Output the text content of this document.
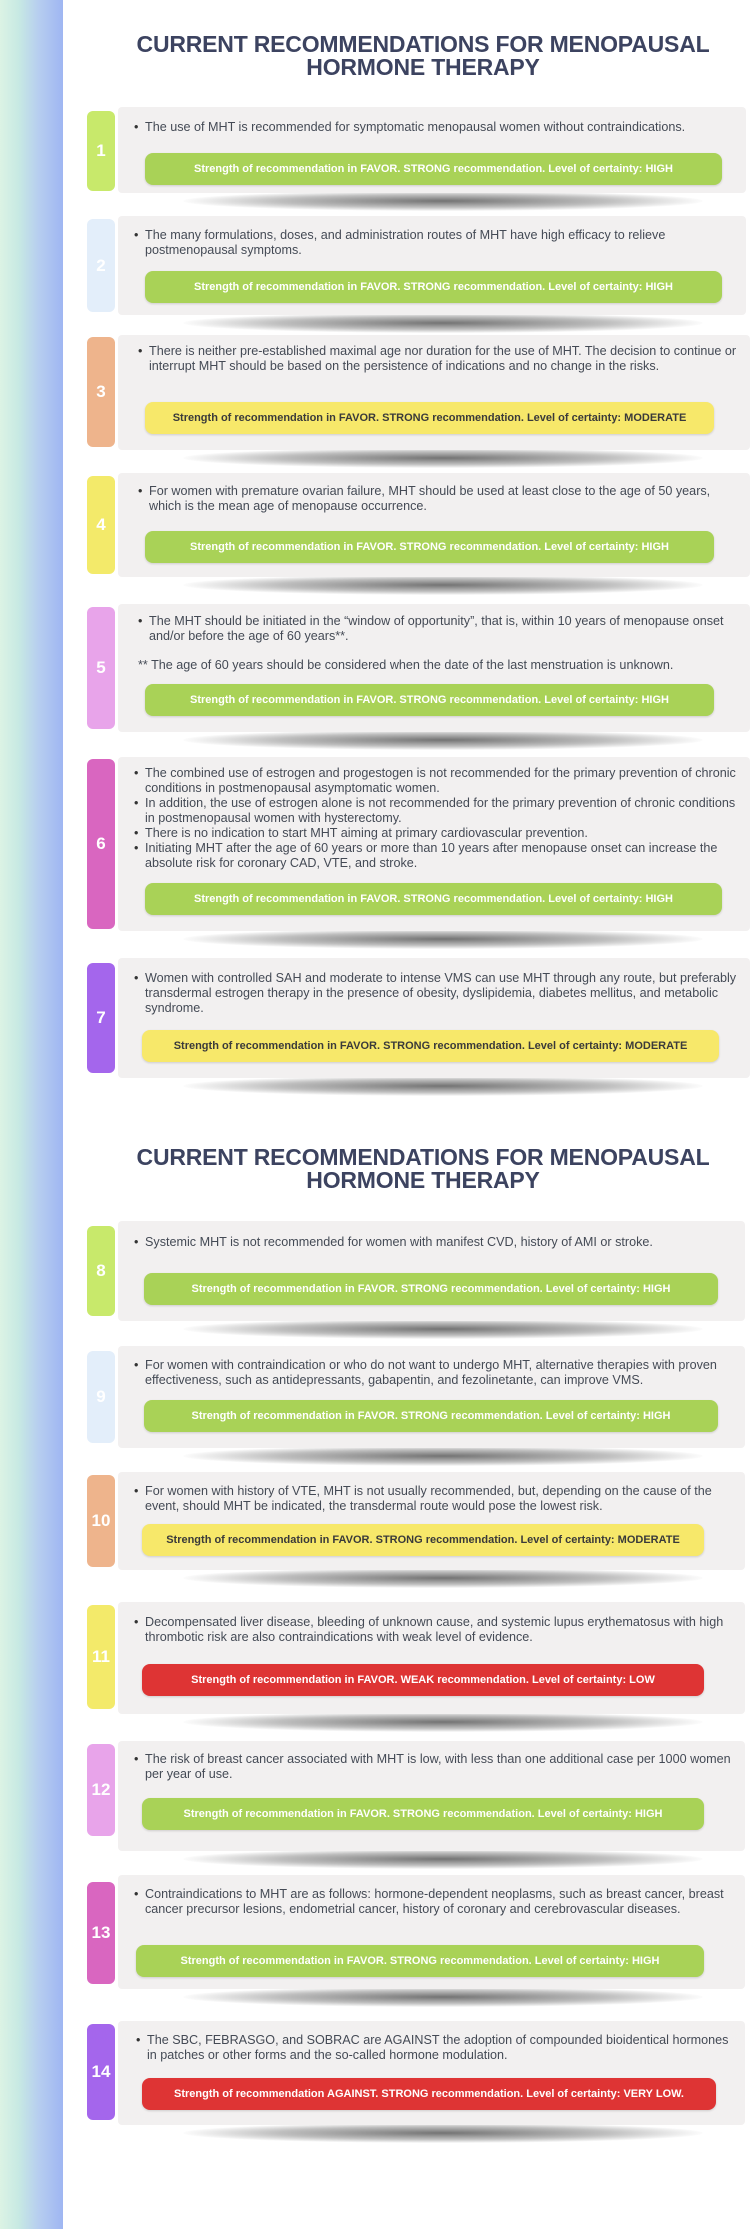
CURRENT RECOMMENDATIONS FOR MENOPAUSAL HORMONE THERAPY
1
• The use of MHT is recommended for symptomatic menopausal women without contraindications.
Strength of recommendation in FAVOR. STRONG recommendation. Level of certainty: HIGH
2
• The many formulations, doses, and administration routes of MHT have high efficacy to relieve postmenopausal symptoms.
Strength of recommendation in FAVOR. STRONG recommendation. Level of certainty: HIGH
3
• There is neither pre-established maximal age nor duration for the use of MHT. The decision to continue or interrupt MHT should be based on the persistence of indications and no change in the risks.
Strength of recommendation in FAVOR. STRONG recommendation. Level of certainty: MODERATE
4
• For women with premature ovarian failure, MHT should be used at least close to the age of 50 years, which is the mean age of menopause occurrence.
Strength of recommendation in FAVOR. STRONG recommendation. Level of certainty: HIGH
5
• The MHT should be initiated in the “window of opportunity”, that is, within 10 years of menopause onset and/or before the age of 60 years**.
** The age of 60 years should be considered when the date of the last menstruation is unknown.
Strength of recommendation in FAVOR. STRONG recommendation. Level of certainty: HIGH
6
• The combined use of estrogen and progestogen is not recommended for the primary prevention of chronic conditions in postmenopausal asymptomatic women.
• In addition, the use of estrogen alone is not recommended for the primary prevention of chronic conditions in postmenopausal women with hysterectomy.
• There is no indication to start MHT aiming at primary cardiovascular prevention.
• Initiating MHT after the age of 60 years or more than 10 years after menopause onset can increase the absolute risk for coronary CAD, VTE, and stroke.
Strength of recommendation in FAVOR. STRONG recommendation. Level of certainty: HIGH
7
• Women with controlled SAH and moderate to intense VMS can use MHT through any route, but preferably transdermal estrogen therapy in the presence of obesity, dyslipidemia, diabetes mellitus, and metabolic syndrome.
Strength of recommendation in FAVOR. STRONG recommendation. Level of certainty: MODERATE
CURRENT RECOMMENDATIONS FOR MENOPAUSAL HORMONE THERAPY
8
• Systemic MHT is not recommended for women with manifest CVD, history of AMI or stroke.
Strength of recommendation in FAVOR. STRONG recommendation. Level of certainty: HIGH
9
• For women with contraindication or who do not want to undergo MHT, alternative therapies with proven effectiveness, such as antidepressants, gabapentin, and fezolinetante, can improve VMS.
Strength of recommendation in FAVOR. STRONG recommendation. Level of certainty: HIGH
10
• For women with history of VTE, MHT is not usually recommended, but, depending on the cause of the event, should MHT be indicated, the transdermal route would pose the lowest risk.
Strength of recommendation in FAVOR. STRONG recommendation. Level of certainty: MODERATE
11
• Decompensated liver disease, bleeding of unknown cause, and systemic lupus erythematosus with high thrombotic risk are also contraindications with weak level of evidence.
Strength of recommendation in FAVOR. WEAK recommendation. Level of certainty: LOW
12
• The risk of breast cancer associated with MHT is low, with less than one additional case per 1000 women per year of use.
Strength of recommendation in FAVOR. STRONG recommendation. Level of certainty: HIGH
13
• Contraindications to MHT are as follows: hormone-dependent neoplasms, such as breast cancer, breast cancer precursor lesions, endometrial cancer, history of coronary and cerebrovascular diseases.
Strength of recommendation in FAVOR. STRONG recommendation. Level of certainty: HIGH
14
• The SBC, FEBRASGO, and SOBRAC are AGAINST the adoption of compounded bioidentical hormones in patches or other forms and the so-called hormone modulation.
Strength of recommendation AGAINST. STRONG recommendation. Level of certainty: VERY LOW.
